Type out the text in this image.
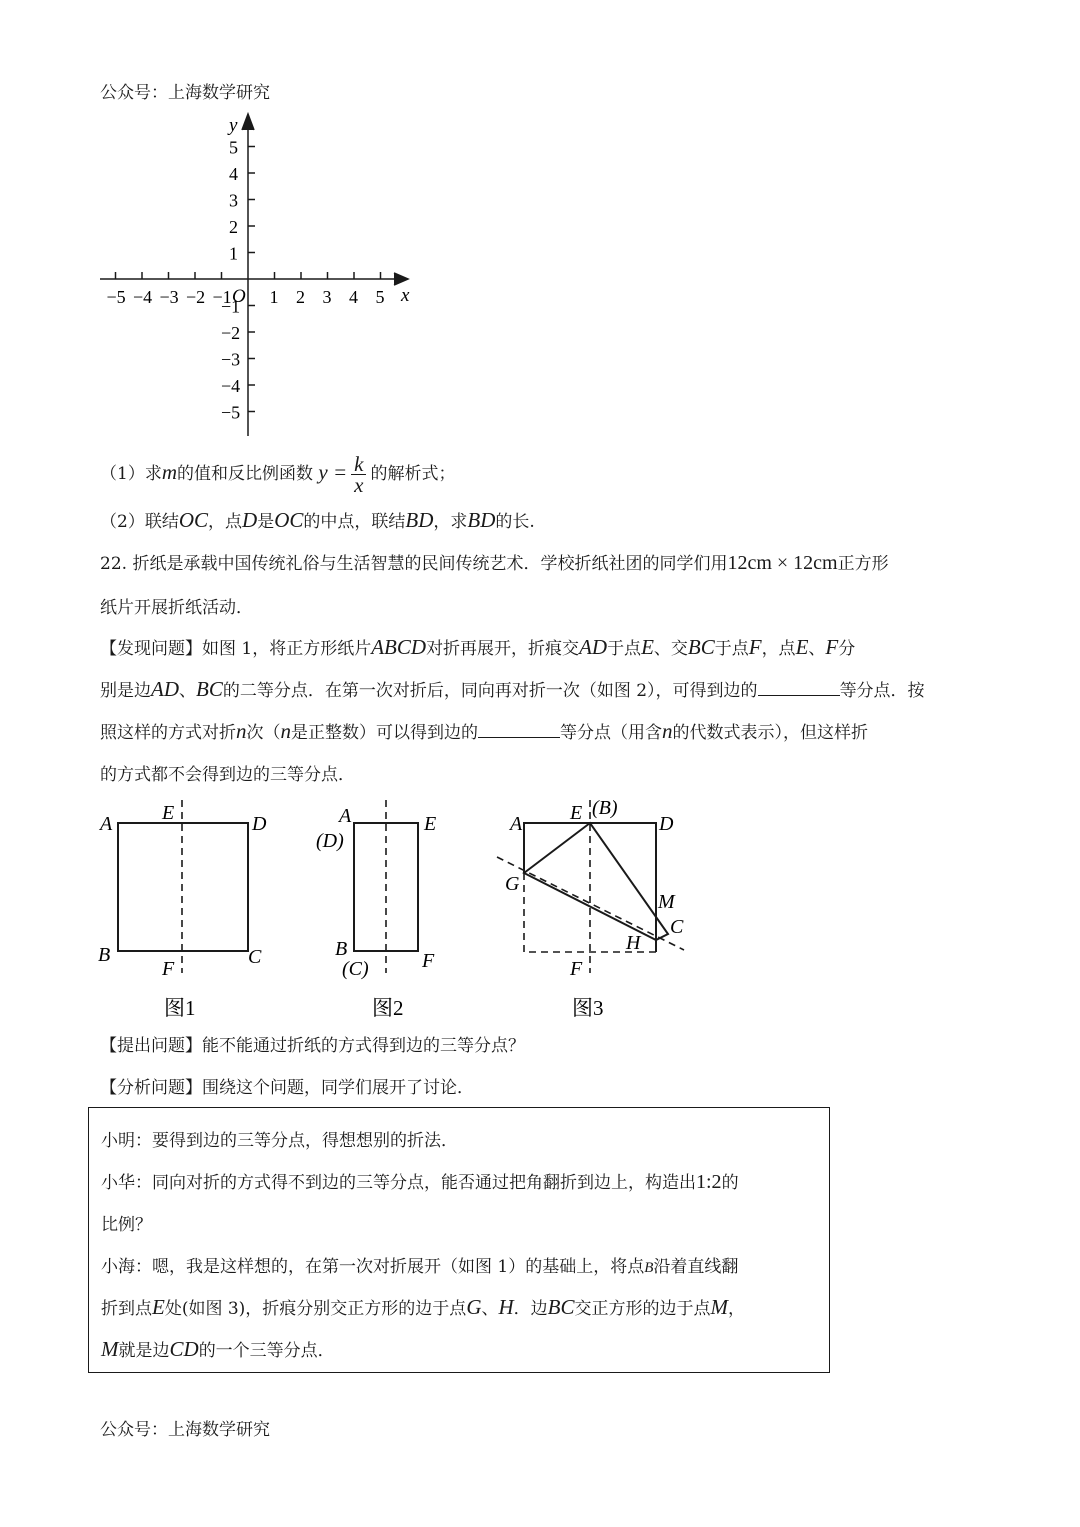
公众号：上海数学研究
y
x
O 1 2 3 4 5
−5 −4 −3 −2 −1
5
4
3
2
1
−1
−2
−3
−4
−5
（1）求m的值和反比例函数 $y = \frac{k}{x}$ 的解析式；
（2）联结OC，点D是OC的中点，联结BD，求BD的长.
22. 折纸是承载中国传统礼俗与生活智慧的民间传统艺术．学校折纸社团的同学们用12cm × 12cm正方形
纸片开展折纸活动．
【发现问题】如图 1，将正方形纸片ABCD对折再展开，折痕交AD于点E、交BC于点F，点E、F分
别是边AD、BC的二等分点．在第一次对折后，同向再对折一次（如图 2），可得到边的	等分点．按
照这样的方式对折n次（n是正整数）可以得到边的	等分点（用含n的代数式表示），但这样折
的方式都不会得到边的三等分点．
A E	D
B
F
C
图1
A
(D)
E
B
(C)	F
图2
A E (B)
D
G
M
C
H
F
图3
【提出问题】能不能通过折纸的方式得到边的三等分点？
【分析问题】围绕这个问题，同学们展开了讨论．
小明：要得到边的三等分点，得想想别的折法．
小华：同向对折的方式得不到边的三等分点，能否通过把角翻折到边上，构造出1:2的
比例？
小海：嗯，我是这样想的，在第一次对折展开（如图 1）的基础上，将点B沿着直线翻
折到点E处(如图 3)，折痕分别交正方形的边于点G、H．边BC交正方形的边于点M，
M就是边CD的一个三等分点．
公众号：上海数学研究
